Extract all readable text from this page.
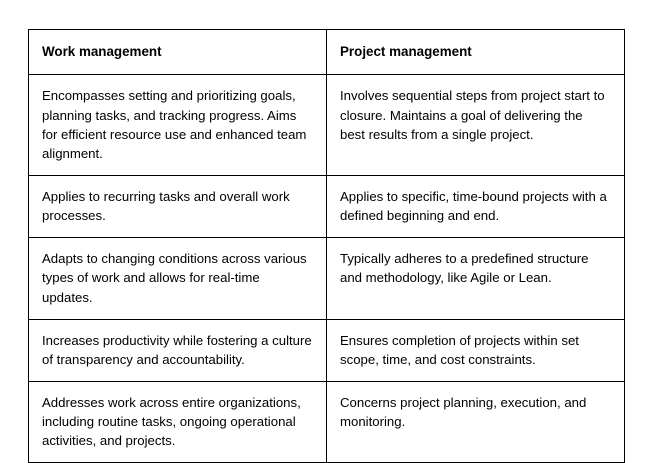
Work management	Project management
Encompasses setting and prioritizing goals, planning tasks, and tracking progress. Aims for efficient resource use and enhanced team alignment.	Involves sequential steps from project start to closure. Maintains a goal of delivering the best results from a single project.
Applies to recurring tasks and overall work processes.	Applies to specific, time-bound projects with a defined beginning and end.
Adapts to changing conditions across various types of work and allows for real-time updates.	Typically adheres to a predefined structure and methodology, like Agile or Lean.
Increases productivity while fostering a culture of transparency and accountability.	Ensures completion of projects within set scope, time, and cost constraints.
Addresses work across entire organizations, including routine tasks, ongoing operational activities, and projects.	Concerns project planning, execution, and monitoring.
